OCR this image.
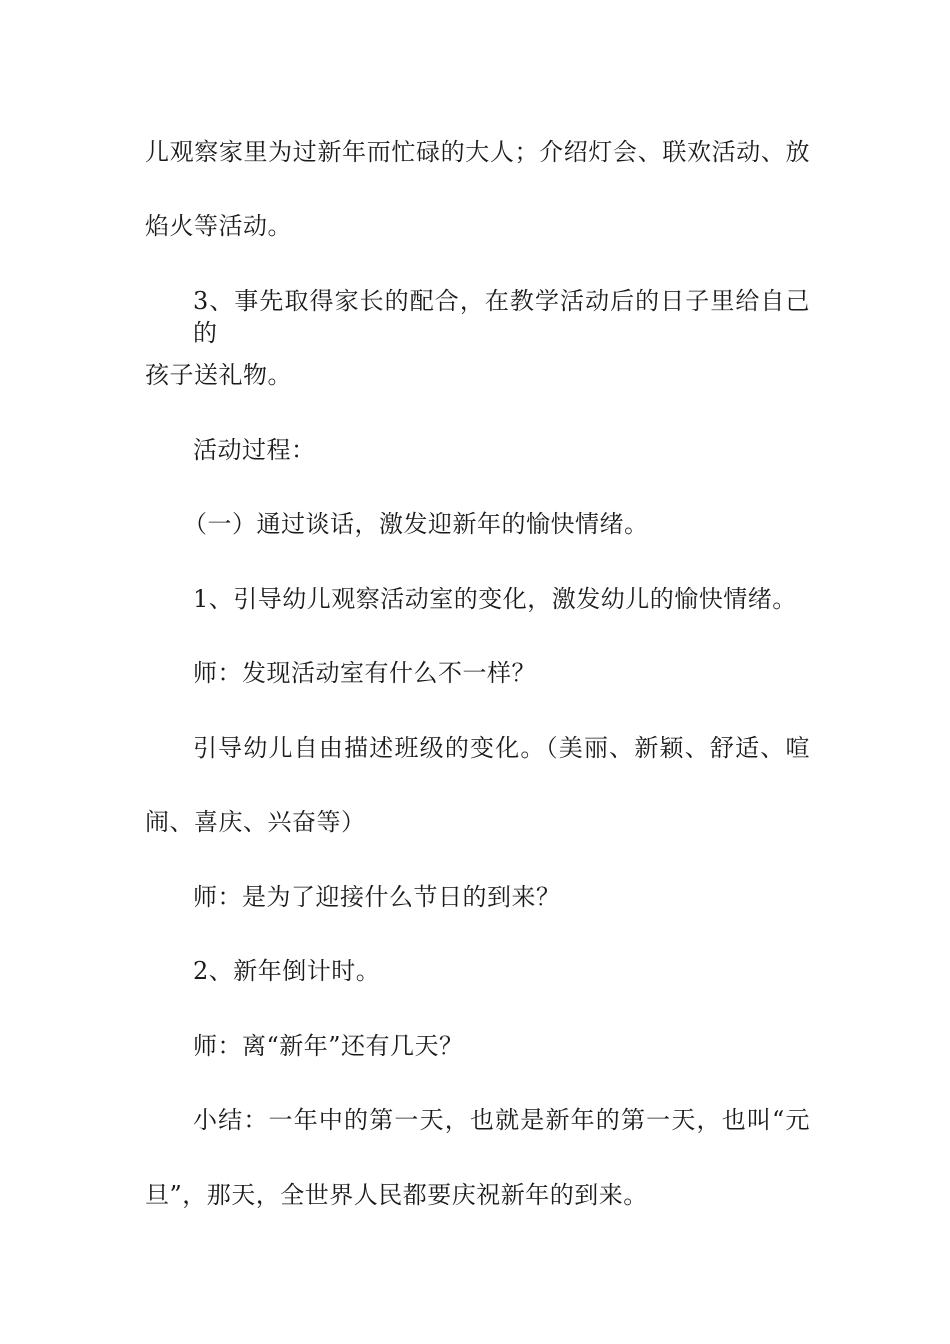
儿观察家里为过新年而忙碌的大人；介绍灯会、联欢活动、放
焰火等活动。
3、事先取得家长的配合，在教学活动后的日子里给自己的
孩子送礼物。
活动过程：
（一）通过谈话，激发迎新年的愉快情绪。
1、引导幼儿观察活动室的变化，激发幼儿的愉快情绪。
师：发现活动室有什么不一样？
引导幼儿自由描述班级的变化。（美丽、新颖、舒适、喧
闹、喜庆、兴奋等）
师：是为了迎接什么节日的到来？
2、新年倒计时。
师：离“新年”还有几天？
小结：一年中的第一天，也就是新年的第一天，也叫“元
旦”，那天，全世界人民都要庆祝新年的到来。
